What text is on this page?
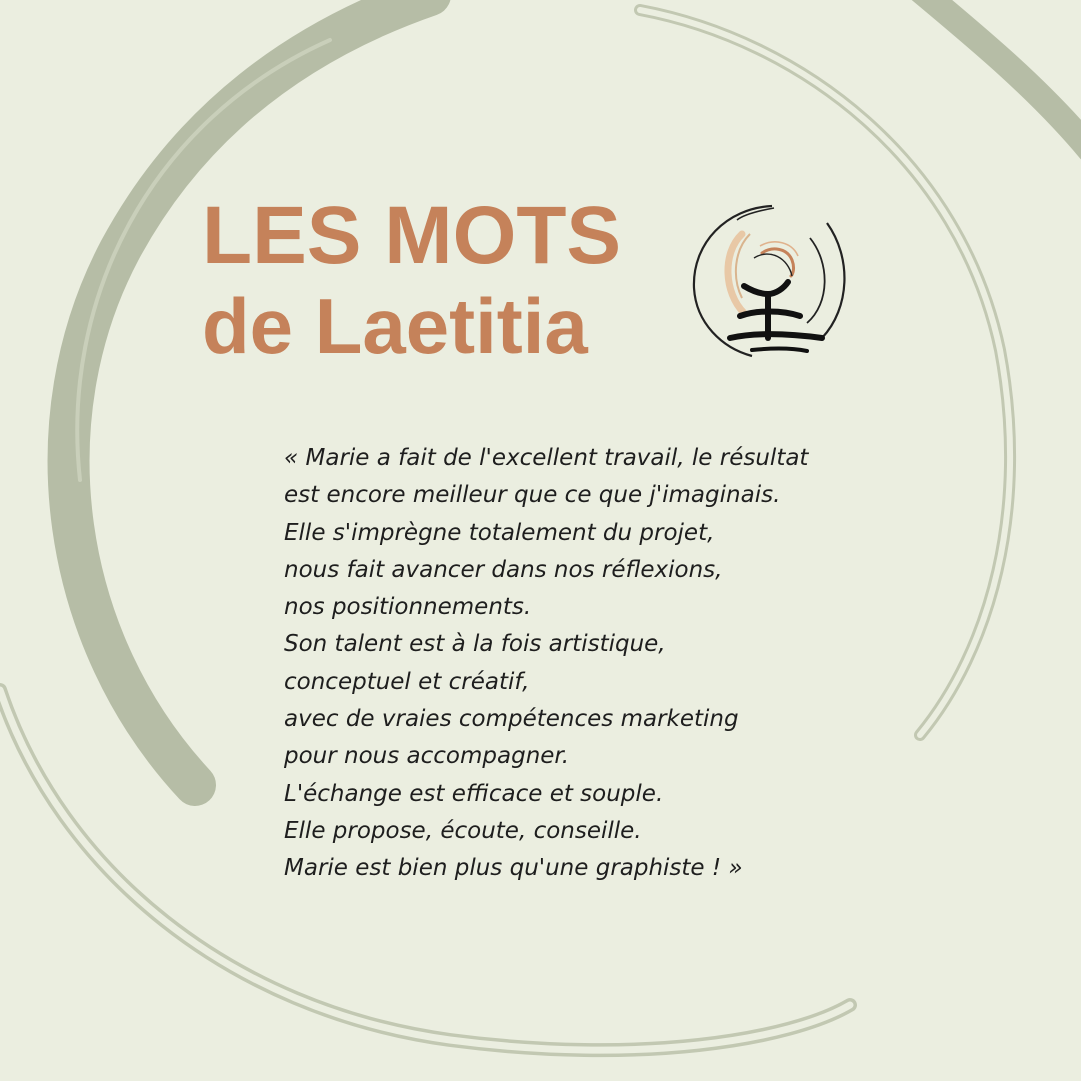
LES MOTS
de Laetitia
« Marie a fait de l'excellent travail, le résultat
est encore meilleur que ce que j'imaginais.
Elle s'imprègne totalement du projet,
nous fait avancer dans nos réflexions,
nos positionnements.
Son talent est à la fois artistique,
conceptuel et créatif,
avec de vraies compétences marketing
pour nous accompagner.
L'échange est efficace et souple.
Elle propose, écoute, conseille.
Marie est bien plus qu'une graphiste ! »
